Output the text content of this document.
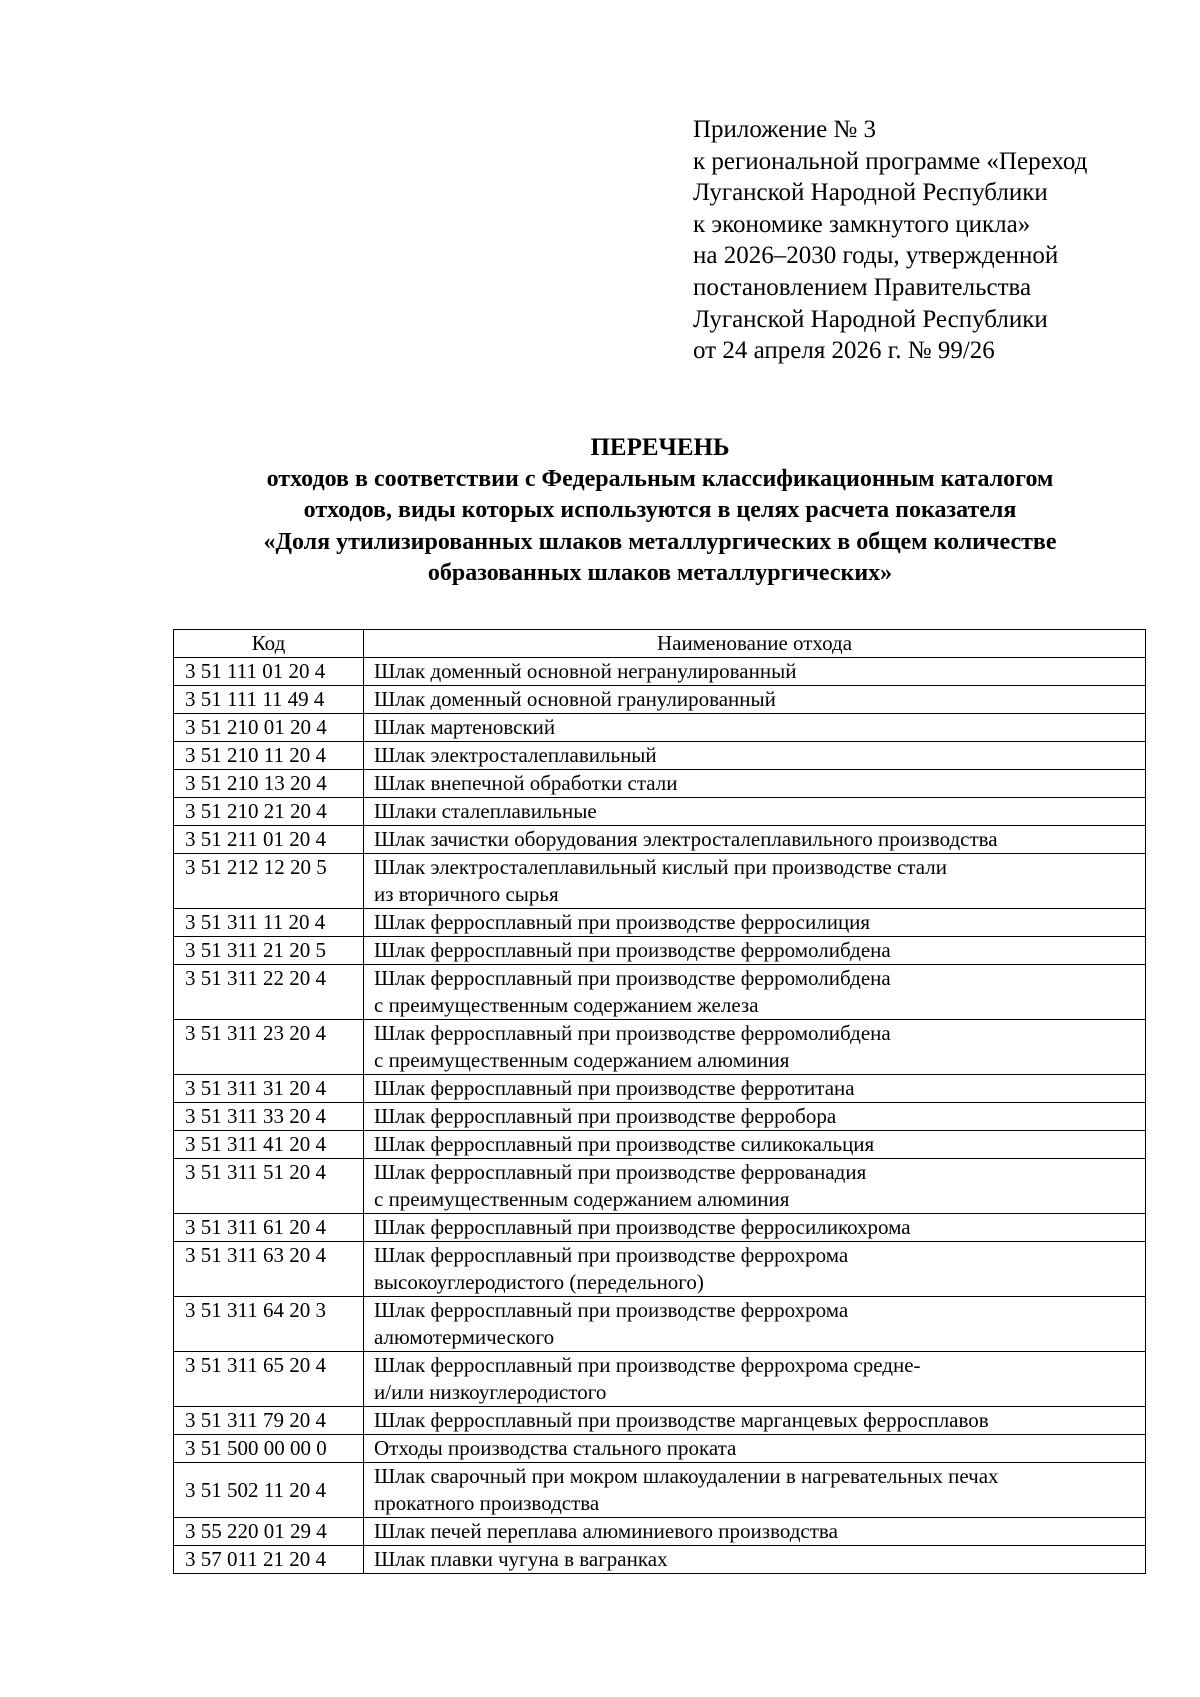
Приложение № 3
к региональной программе «Переход
Луганской Народной Республики
к экономике замкнутого цикла»
на 2026–2030 годы, утвержденной
постановлением Правительства
Луганской Народной Республики
от 24 апреля 2026 г. № 99/26
ПЕРЕЧЕНЬ
отходов в соответствии с Федеральным классификационным каталогом
отходов, виды которых используются в целях расчета показателя
«Доля утилизированных шлаков металлургических в общем количестве
образованных шлаков металлургических»
Код	Наименование отхода
3 51 111 01 20 4	Шлак доменный основной негранулированный

3 51 111 11 49 4	Шлак доменный основной гранулированный

3 51 210 01 20 4	Шлак мартеновский

3 51 210 11 20 4	Шлак электросталеплавильный

3 51 210 13 20 4	Шлак внепечной обработки стали

3 51 210 21 20 4	Шлаки сталеплавильные

3 51 211 01 20 4	Шлак зачистки оборудования электросталеплавильного производства

3 51 212 12 20 5	Шлак электросталеплавильный кислый при производстве стали
из вторичного сырья

3 51 311 11 20 4	Шлак ферросплавный при производстве ферросилиция

3 51 311 21 20 5	Шлак ферросплавный при производстве ферромолибдена

3 51 311 22 20 4	Шлак ферросплавный при производстве ферромолибдена
с преимущественным содержанием железа

3 51 311 23 20 4	Шлак ферросплавный при производстве ферромолибдена
с преимущественным содержанием алюминия

3 51 311 31 20 4	Шлак ферросплавный при производстве ферротитана

3 51 311 33 20 4	Шлак ферросплавный при производстве ферробора

3 51 311 41 20 4	Шлак ферросплавный при производстве силикокальция

3 51 311 51 20 4	Шлак ферросплавный при производстве феррованадия
с преимущественным содержанием алюминия

3 51 311 61 20 4	Шлак ферросплавный при производстве ферросиликохрома

3 51 311 63 20 4	Шлак ферросплавный при производстве феррохрома
высокоуглеродистого (передельного)

3 51 311 64 20 3	Шлак ферросплавный при производстве феррохрома
алюмотермического

3 51 311 65 20 4	Шлак ферросплавный при производстве феррохрома средне-
и/или низкоуглеродистого

3 51 311 79 20 4	Шлак ферросплавный при производстве марганцевых ферросплавов

3 51 500 00 00 0	Отходы производства стального проката

3 51 502 11 20 4	Шлак сварочный при мокром шлакоудалении в нагревательных печах
прокатного производства

3 55 220 01 29 4	Шлак печей переплава алюминиевого производства

3 57 011 21 20 4	Шлак плавки чугуна в вагранках
